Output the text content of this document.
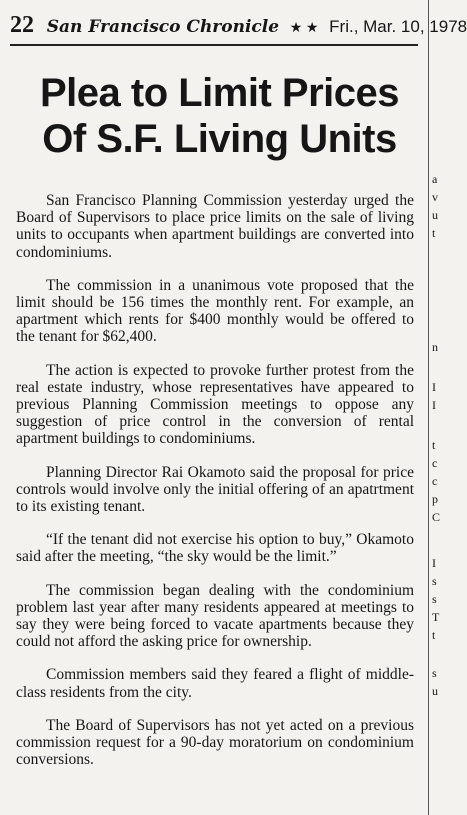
22 San Francisco Chronicle ★ ★ Fri., Mar. 10, 1978
Plea to Limit Prices
Of S.F. Living Units

San Francisco Planning Commission yesterday urged the Board of Supervisors to place price limits on the sale of living units to occupants when apartment buildings are converted into condominiums.

The commission in a unanimous vote proposed that the limit should be 156 times the monthly rent. For example, an apartment which rents for $400 monthly would be offered to the tenant for $62,400.

The action is expected to provoke further protest from the real estate industry, whose representatives have appeared to previous Planning Commission meetings to oppose any suggestion of price control in the conversion of rental apartment buildings to condominiums.

Planning Director Rai Okamoto said the proposal for price controls would involve only the initial offering of an apatrtment to its existing tenant.

“If the tenant did not exercise his option to buy,” Okamoto said after the meeting, “the sky would be the limit.”

The commission began dealing with the condominium problem last year after many residents appeared at meetings to say they were being forced to vacate apartments because they could not afford the asking price for ownership.

Commission members said they feared a flight of middle-class residents from the city.

The Board of Supervisors has not yet acted on a previous commission request for a 90-day moratorium on condominium conversions.

a
v
u
t
n
I
I
t
c
c
p
C
I
s
s
T
t
s
u
